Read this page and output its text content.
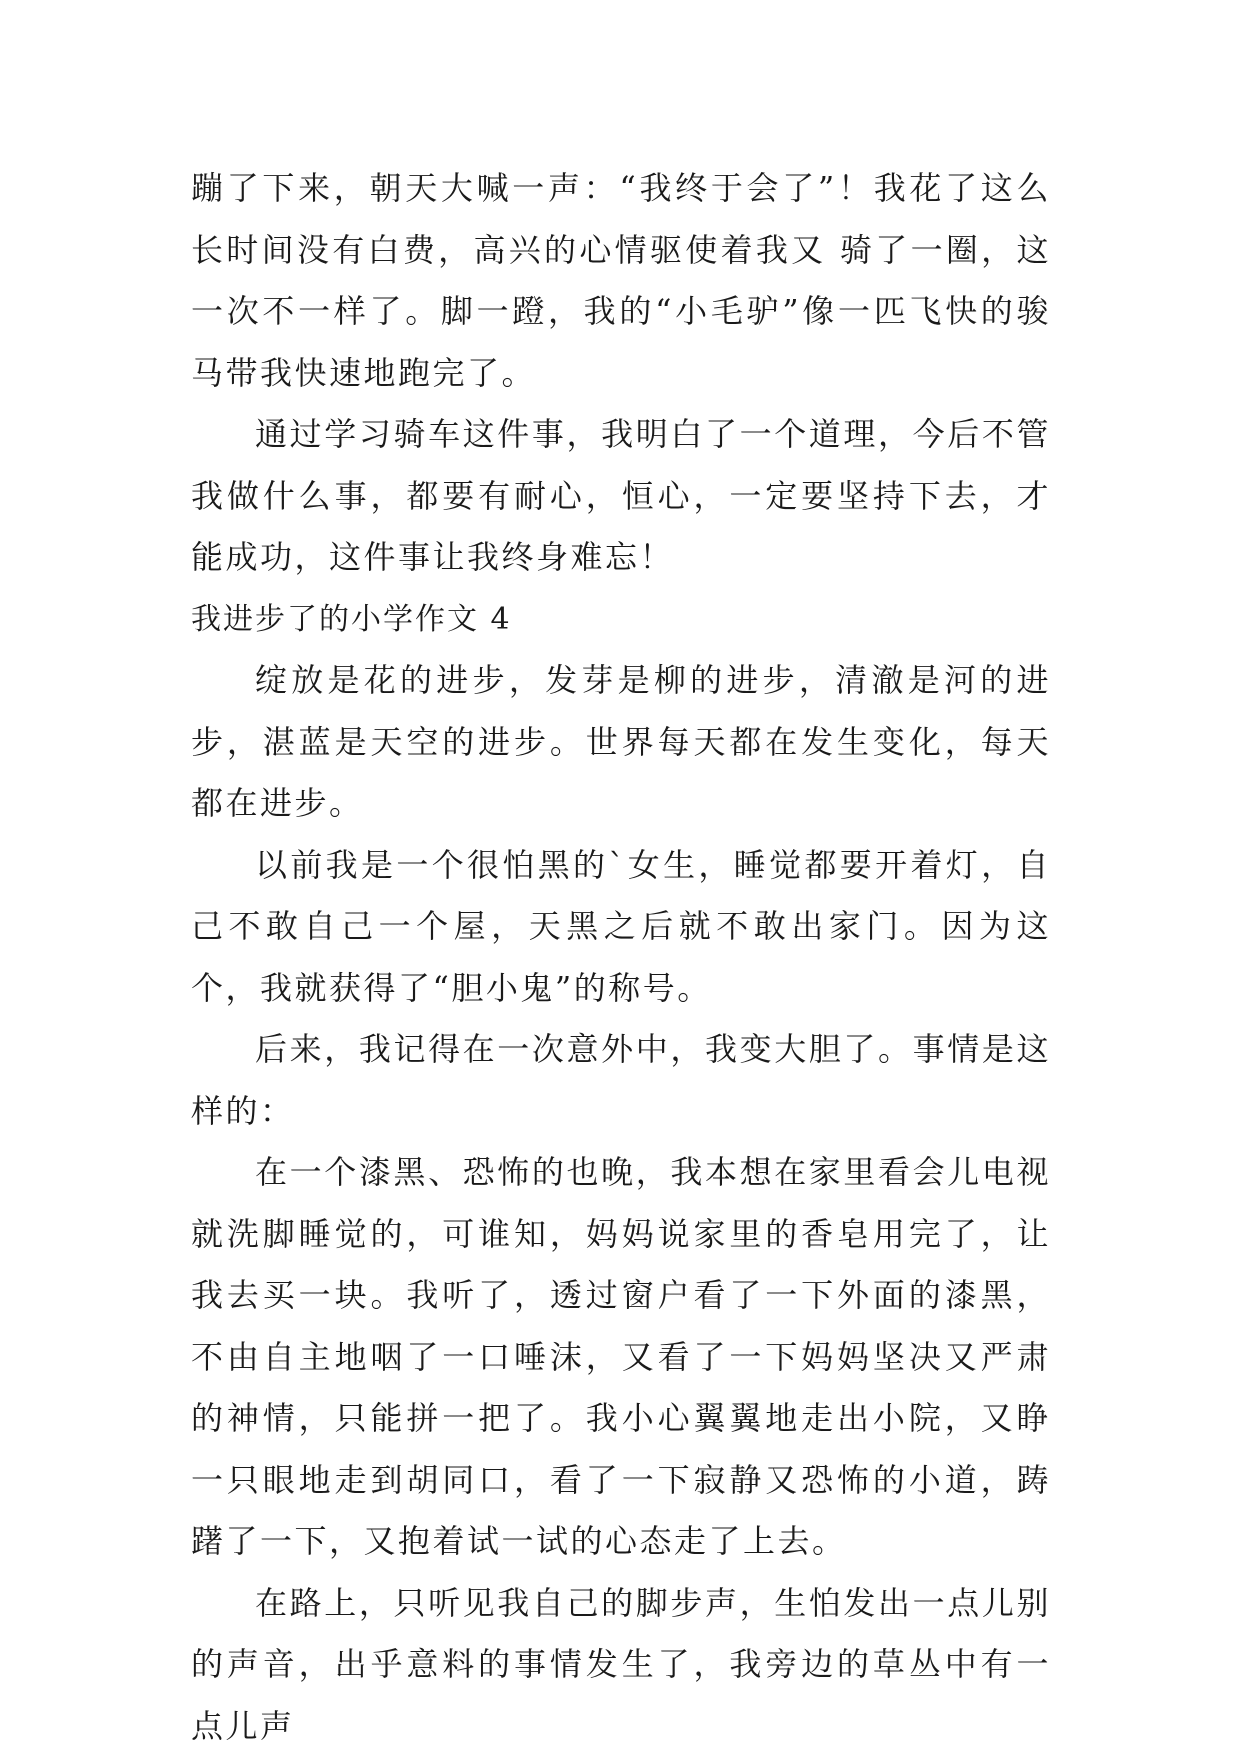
蹦了下来，朝天大喊一声：“我终于会了”！我花了这么长时间没有白费，高兴的心情驱使着我又 骑了一圈，这一次不一样了。脚一蹬，我的“小毛驴”像一匹飞快的骏马带我快速地跑完了。

通过学习骑车这件事，我明白了一个道理，今后不管我做什么事，都要有耐心，恒心，一定要坚持下去，才能成功，这件事让我终身难忘！

我进步了的小学作文 4

绽放是花的进步，发芽是柳的进步，清澈是河的进步，湛蓝是天空的进步。世界每天都在发生变化，每天都在进步。

以前我是一个很怕黑的`女生，睡觉都要开着灯，自己不敢自己一个屋，天黑之后就不敢出家门。因为这个，我就获得了“胆小鬼”的称号。

后来，我记得在一次意外中，我变大胆了。事情是这样的：

在一个漆黑、恐怖的也晚，我本想在家里看会儿电视就洗脚睡觉的，可谁知，妈妈说家里的香皂用完了，让我去买一块。我听了，透过窗户看了一下外面的漆黑，不由自主地咽了一口唾沫，又看了一下妈妈坚决又严肃的神情，只能拼一把了。我小心翼翼地走出小院，又睁一只眼地走到胡同口，看了一下寂静又恐怖的小道，踌躇了一下，又抱着试一试的心态走了上去。

在路上，只听见我自己的脚步声，生怕发出一点儿别的声音，出乎意料的事情发生了，我旁边的草丛中有一点儿声
